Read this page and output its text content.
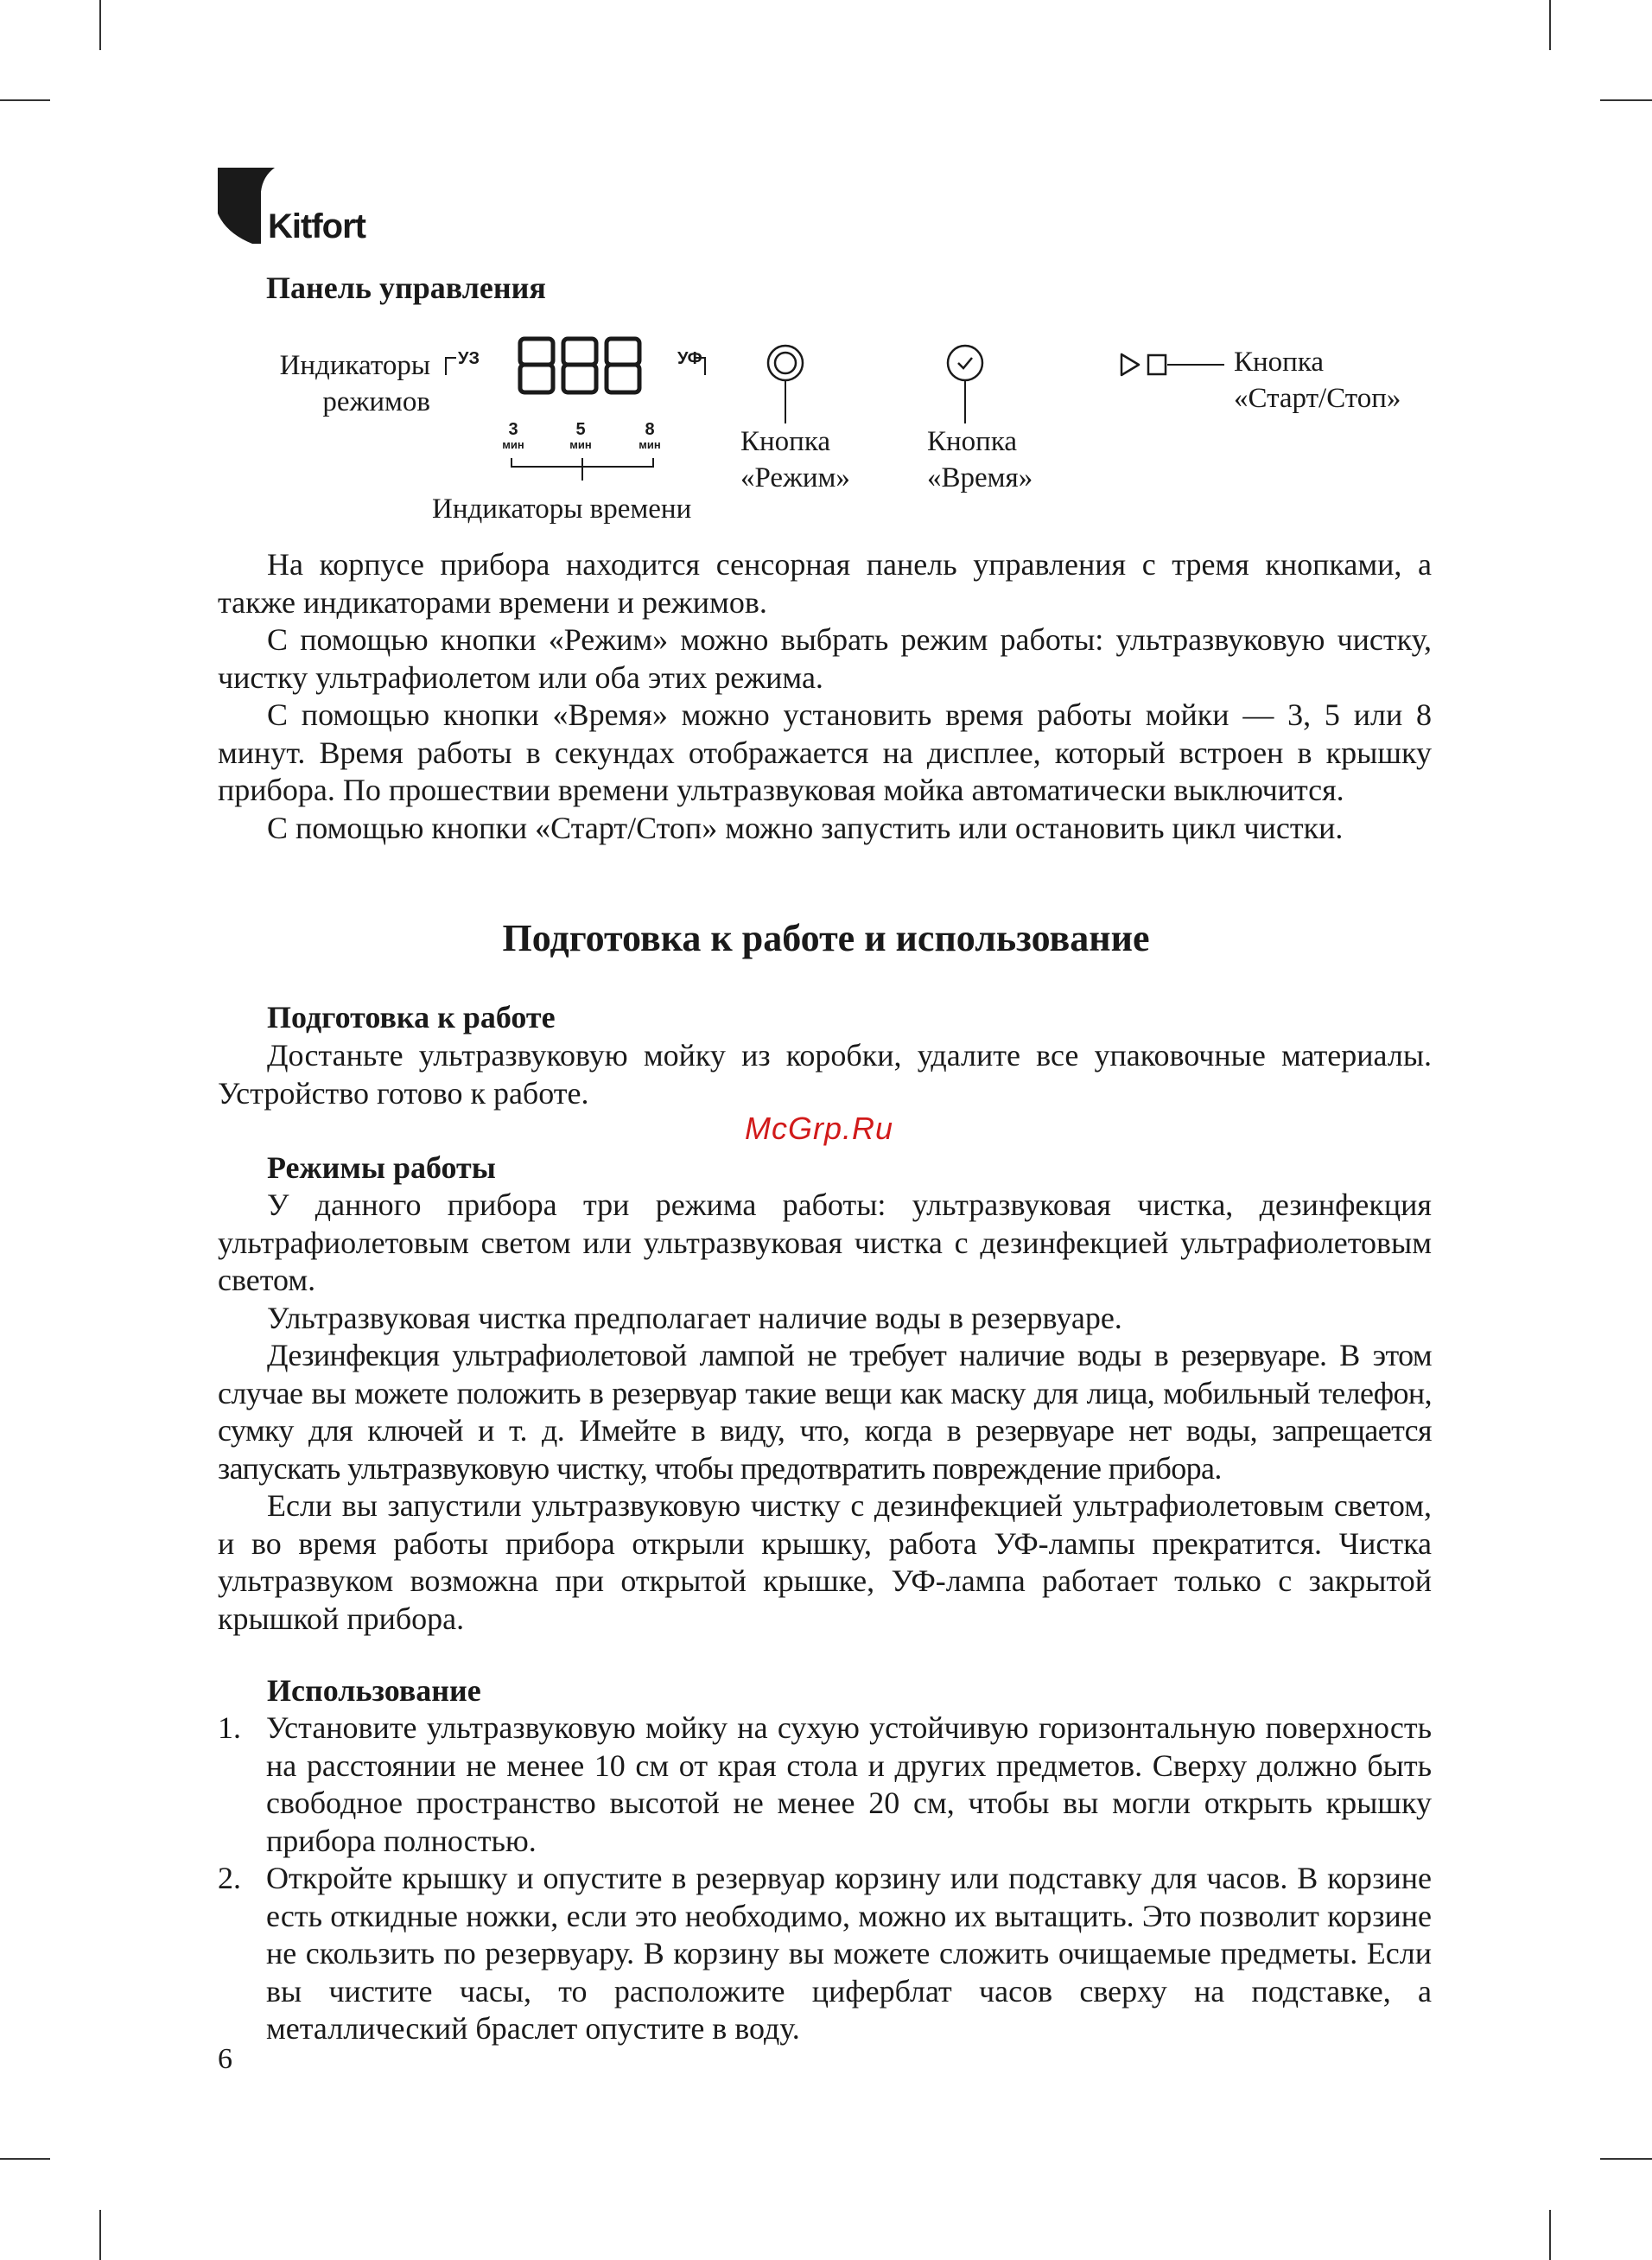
Kitfort
Панель управления
Индикаторы
режимов
УЗ	УФ
3
мин
5
мин
8
мин
Индикаторы времени
Кнопка
«Режим»
Кнопка
«Время»
Кнопка
«Старт/Стоп»

На корпусе прибора находится сенсорная панель управления с тремя кнопками, а также индикаторами времени и режимов.

С помощью кнопки «Режим» можно выбрать режим работы: ультразвуковую чистку, чистку ультрафиолетом или оба этих режима.

С помощью кнопки «Время» можно установить время работы мойки — 3, 5 или 8 минут. Время работы в секундах отображается на дисплее, который встроен в крышку прибора. По прошествии времени ультразвуковая мойка автоматически выключится.

С помощью кнопки «Старт/Стоп» можно запустить или остановить цикл чистки.

Подготовка к работе и использование
Подготовка к работе

Достаньте ультразвуковую мойку из коробки, удалите все упаковочные материалы. Устройство готово к работе.

McGrp.Ru
Режимы работы

У данного прибора три режима работы: ультразвуковая чистка, дезинфекция ультрафиолетовым светом или ультразвуковая чистка с дезинфекцией ультрафиолетовым светом.

Ультразвуковая чистка предполагает наличие воды в резервуаре.

Дезинфекция ультрафиолетовой лампой не требует наличие воды в резервуаре. В этом случае вы можете положить в резервуар такие вещи как маску для лица, мобильный телефон, сумку для ключей и т. д. Имейте в виду, что, когда в резервуаре нет воды, запрещается запускать ультразвуковую чистку, чтобы предотвратить повреждение прибора.

Если вы запустили ультразвуковую чистку с дезинфекцией ультрафиолетовым светом, и во время работы прибора открыли крышку, работа УФ-лампы прекратится. Чистка ультразвуком возможна при открытой крышке, УФ-лампа работает только с закрытой крышкой прибора.

Использование
1. Установите ультразвуковую мойку на сухую устойчивую горизонтальную поверхность на расстоянии не менее 10 см от края стола и других предметов. Сверху должно быть свободное пространство высотой не менее 20 см, чтобы вы могли открыть крышку прибора полностью.
2. Откройте крышку и опустите в резервуар корзину или подставку для часов. В корзине есть откидные ножки, если это необходимо, можно их вытащить. Это позволит корзине не скользить по резервуару. В корзину вы можете сложить очищаемые предметы. Если вы чистите часы, то расположите циферблат часов сверху на подставке, а металлический браслет опустите в воду.
6
